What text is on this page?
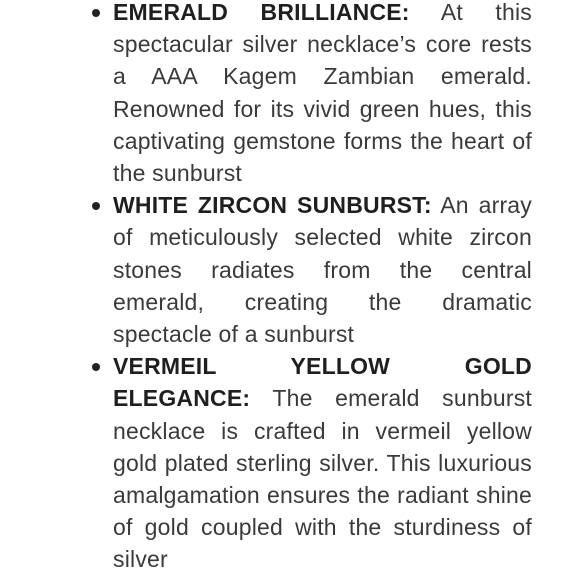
EMERALD BRILLIANCE: At this spectacular silver necklace’s core rests a AAA Kagem Zambian emerald. Renowned for its vivid green hues, this captivating gemstone forms the heart of the sunburst
WHITE ZIRCON SUNBURST: An array of meticulously selected white zircon stones radiates from the central emerald, creating the dramatic spectacle of a sunburst
VERMEIL YELLOW GOLD ELEGANCE: The emerald sunburst necklace is crafted in vermeil yellow gold plated sterling silver. This luxurious amalgamation ensures the radiant shine of gold coupled with the sturdiness of silver
